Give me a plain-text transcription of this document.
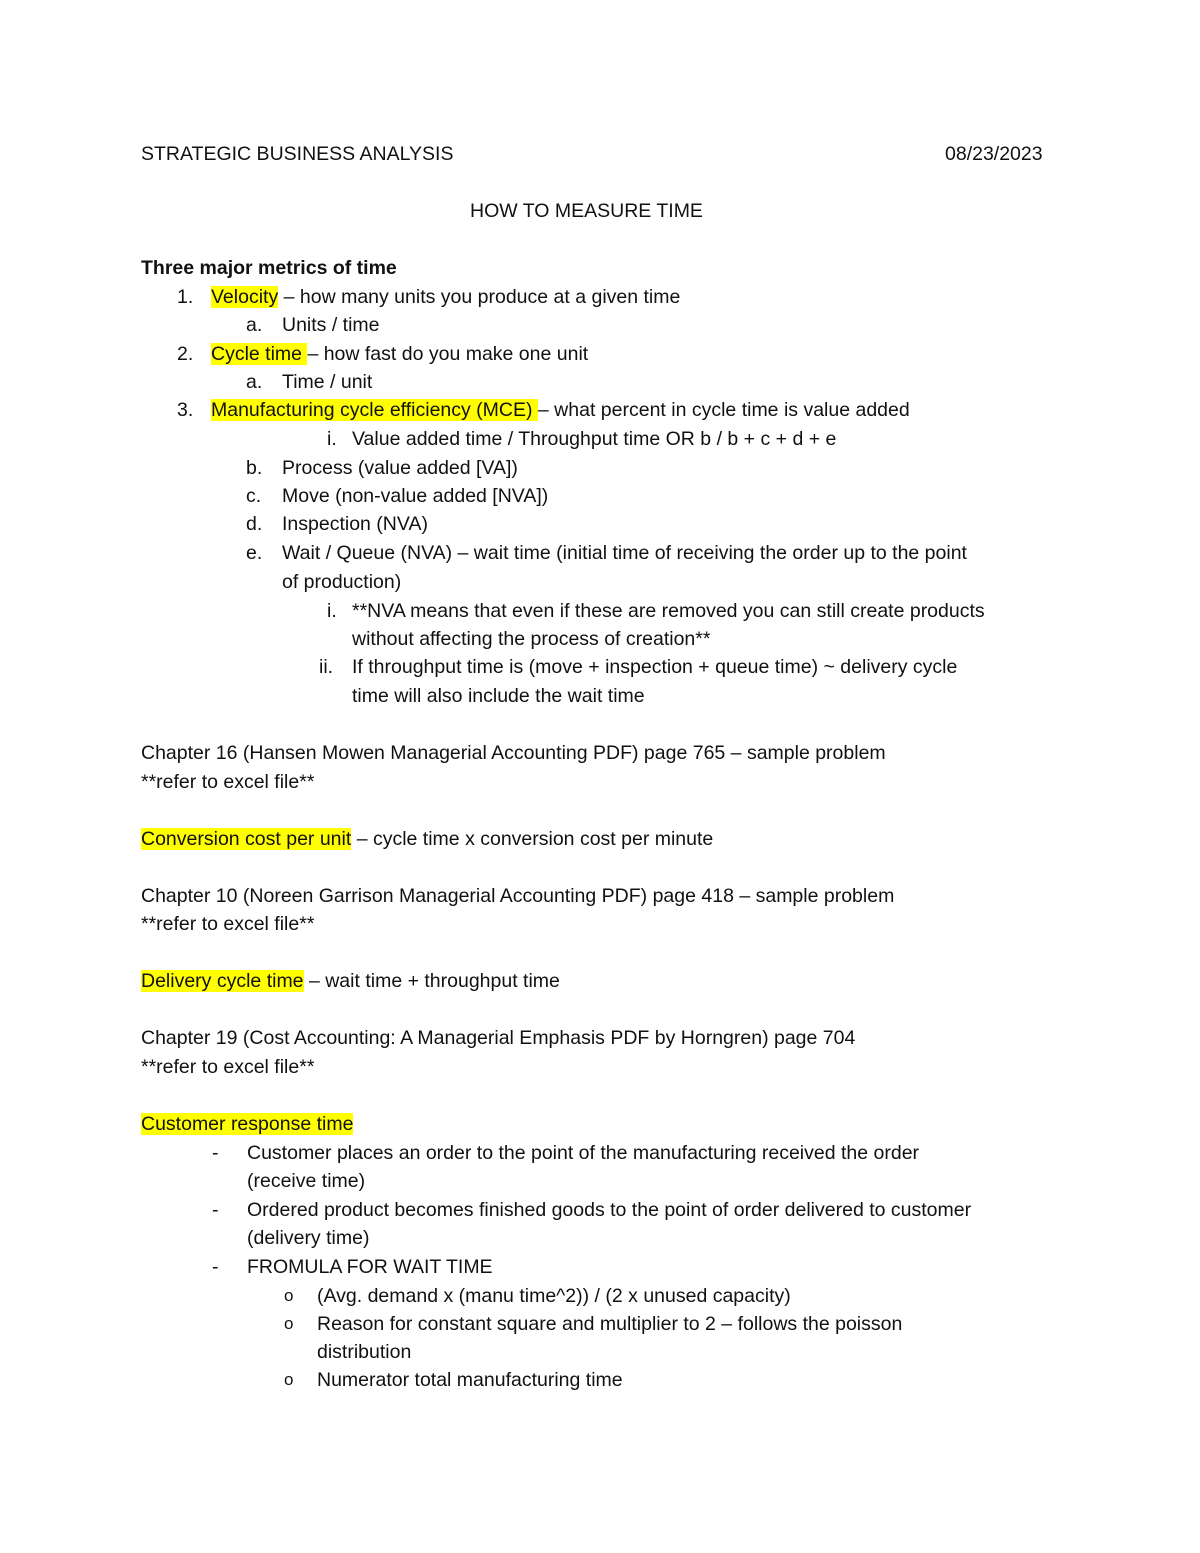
STRATEGIC BUSINESS ANALYSIS	08/23/2023
HOW TO MEASURE TIME
Three major metrics of time
1. Velocity – how many units you produce at a given time
a. Units / time
2. Cycle time – how fast do you make one unit
a. Time / unit
3. Manufacturing cycle efficiency (MCE) – what percent in cycle time is value added
i. Value added time / Throughput time OR b / b + c + d + e
b. Process (value added [VA])
c. Move (non-value added [NVA])
d. Inspection (NVA)
e. Wait / Queue (NVA) – wait time (initial time of receiving the order up to the point
of production)
i. **NVA means that even if these are removed you can still create products
without affecting the process of creation**
ii. If throughput time is (move + inspection + queue time) ~ delivery cycle
time will also include the wait time
Chapter 16 (Hansen Mowen Managerial Accounting PDF) page 765 – sample problem
**refer to excel file**
Conversion cost per unit – cycle time x conversion cost per minute
Chapter 10 (Noreen Garrison Managerial Accounting PDF) page 418 – sample problem
**refer to excel file**
Delivery cycle time – wait time + throughput time
Chapter 19 (Cost Accounting: A Managerial Emphasis PDF by Horngren) page 704
**refer to excel file**
Customer response time
- Customer places an order to the point of the manufacturing received the order
(receive time)
- Ordered product becomes finished goods to the point of order delivered to customer
(delivery time)
- FROMULA FOR WAIT TIME
o (Avg. demand x (manu time^2)) / (2 x unused capacity)
o Reason for constant square and multiplier to 2 – follows the poisson
distribution
o Numerator total manufacturing time
